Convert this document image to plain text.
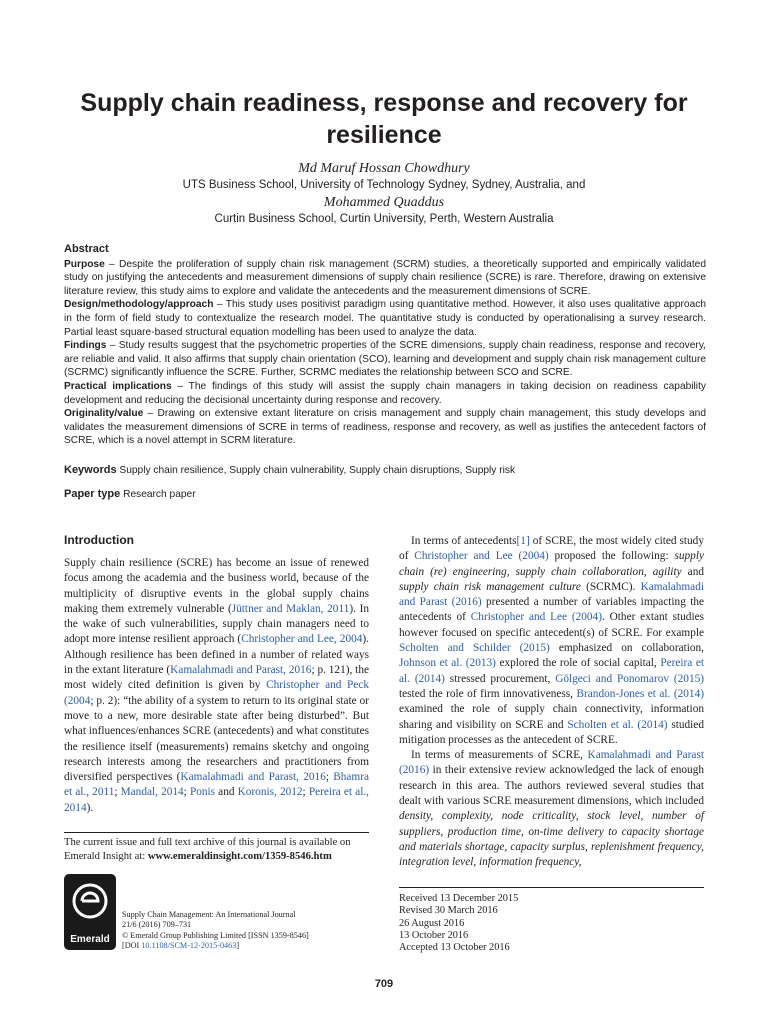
Supply chain readiness, response and recovery for resilience
Md Maruf Hossan Chowdhury
UTS Business School, University of Technology Sydney, Sydney, Australia, and
Mohammed Quaddus
Curtin Business School, Curtin University, Perth, Western Australia

Abstract

Purpose – Despite the proliferation of supply chain risk management (SCRM) studies, a theoretically supported and empirically validated study on justifying the antecedents and measurement dimensions of supply chain resilience (SCRE) is rare. Therefore, drawing on extensive literature review, this study aims to explore and validate the antecedents and the measurement dimensions of SCRE.

Design/methodology/approach – This study uses positivist paradigm using quantitative method. However, it also uses qualitative approach in the form of field study to contextualize the research model. The quantitative study is conducted by operationalising a survey research. Partial least square-based structural equation modelling has been used to analyze the data.

Findings – Study results suggest that the psychometric properties of the SCRE dimensions, supply chain readiness, response and recovery, are reliable and valid. It also affirms that supply chain orientation (SCO), learning and development and supply chain risk management culture (SCRMC) significantly influence the SCRE. Further, SCRMC mediates the relationship between SCO and SCRE.

Practical implications – The findings of this study will assist the supply chain managers in taking decision on readiness capability development and reducing the decisional uncertainty during response and recovery.

Originality/value – Drawing on extensive extant literature on crisis management and supply chain management, this study develops and validates the measurement dimensions of SCRE in terms of readiness, response and recovery, as well as justifies the antecedent factors of SCRE, which is a novel attempt in SCRM literature.

Keywords Supply chain resilience, Supply chain vulnerability, Supply chain disruptions, Supply risk
Paper type Research paper
Introduction

Supply chain resilience (SCRE) has become an issue of renewed focus among the academia and the business world, because of the multiplicity of disruptive events in the global supply chains making them extremely vulnerable (Jüttner and Maklan, 2011). In the wake of such vulnerabilities, supply chain managers need to adopt more intense resilient approach (Christopher and Lee, 2004). Although resilience has been defined in a number of related ways in the extant literature (Kamalahmadi and Parast, 2016; p. 121), the most widely cited definition is given by Christopher and Peck (2004; p. 2): “the ability of a system to return to its original state or move to a new, more desirable state after being disturbed”. But what influences/enhances SCRE (antecedents) and what constitutes the resilience itself (measurements) remains sketchy and ongoing research interests among the researchers and practitioners from diversified perspectives (Kamalahmadi and Parast, 2016; Bhamra et al., 2011; Mandal, 2014; Ponis and Koronis, 2012; Pereira et al., 2014).

In terms of antecedents[1] of SCRE, the most widely cited study of Christopher and Lee (2004) proposed the following: supply chain (re) engineering, supply chain collaboration, agility and supply chain risk management culture (SCRMC). Kamalahmadi and Parast (2016) presented a number of variables impacting the antecedents of Christopher and Lee (2004). Other extant studies however focused on specific antecedent(s) of SCRE. For example Scholten and Schilder (2015) emphasized on collaboration, Johnson et al. (2013) explored the role of social capital, Pereira et al. (2014) stressed procurement, Gölgeci and Ponomarov (2015) tested the role of firm innovativeness, Brandon-Jones et al. (2014) examined the role of supply chain connectivity, information sharing and visibility on SCRE and Scholten et al. (2014) studied mitigation processes as the antecedent of SCRE.

In terms of measurements of SCRE, Kamalahmadi and Parast (2016) in their extensive review acknowledged the lack of enough research in this area. The authors reviewed several studies that dealt with various SCRE measurement dimensions, which included density, complexity, node criticality, stock level, number of suppliers, production time, on-time delivery to capacity shortage and materials shortage, capacity surplus, replenishment frequency, integration level, information frequency,

The current issue and full text archive of this journal is available on Emerald Insight at: www.emeraldinsight.com/1359-8546.htm
Emerald
Supply Chain Management: An International Journal
21/6 (2016) 709–731
© Emerald Group Publishing Limited [ISSN 1359-8546]
[DOI 10.1108/SCM-12-2015-0463]
Received 13 December 2015
Revised 30 March 2016
26 August 2016
13 October 2016
Accepted 13 October 2016
709
